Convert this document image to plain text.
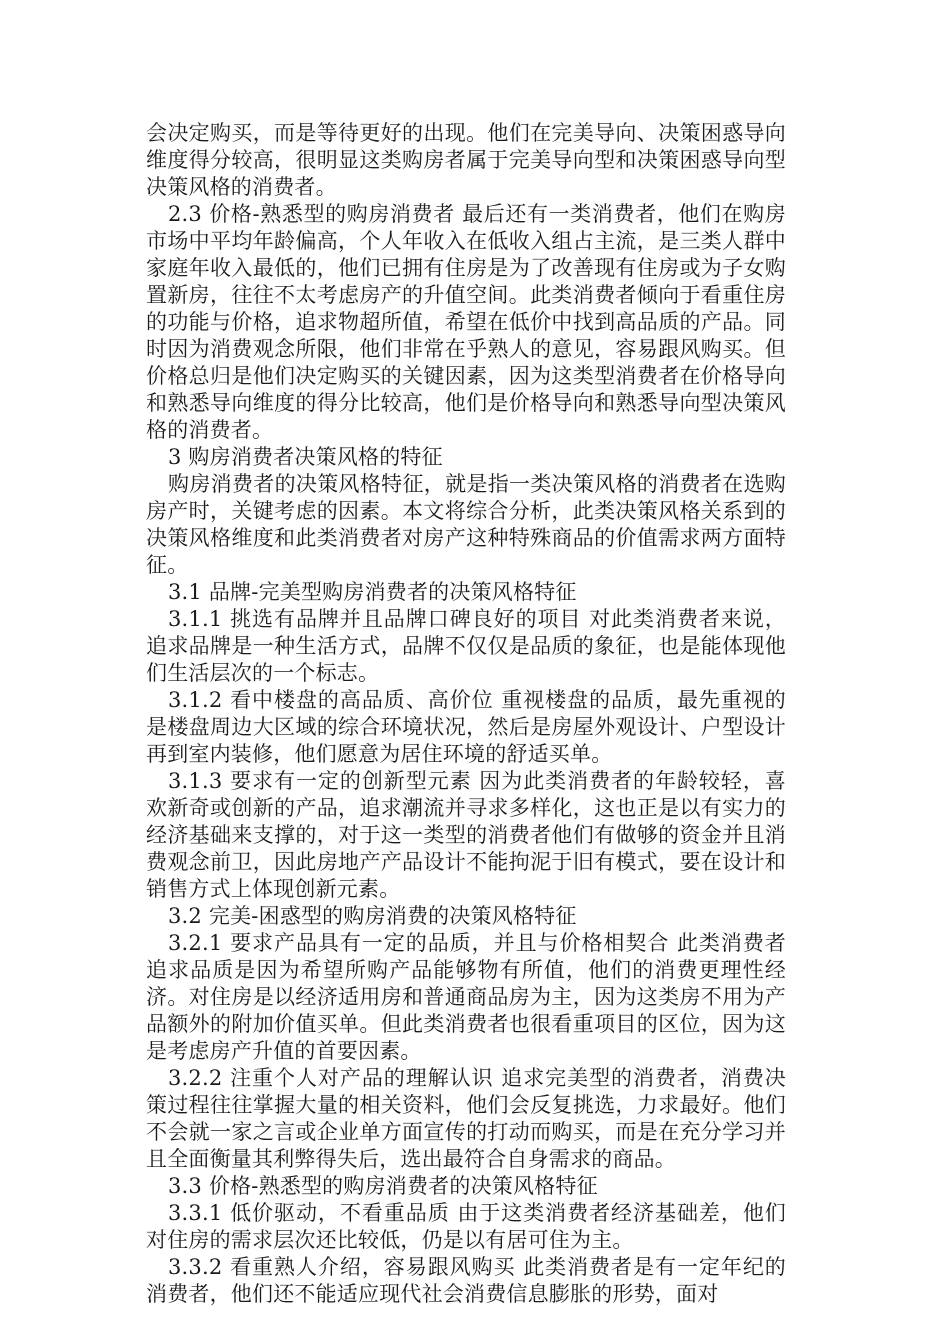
会决定购买，而是等待更好的出现。他们在完美导向、决策困惑导向维度得分较高，很明显这类购房者属于完美导向型和决策困惑导向型决策风格的消费者。

2.3 价格-熟悉型的购房消费者 最后还有一类消费者，他们在购房市场中平均年龄偏高，个人年收入在低收入组占主流，是三类人群中家庭年收入最低的，他们已拥有住房是为了改善现有住房或为子女购置新房，往往不太考虑房产的升值空间。此类消费者倾向于看重住房的功能与价格，追求物超所值，希望在低价中找到高品质的产品。同时因为消费观念所限，他们非常在乎熟人的意见，容易跟风购买。但价格总归是他们决定购买的关键因素，因为这类型消费者在价格导向和熟悉导向维度的得分比较高，他们是价格导向和熟悉导向型决策风格的消费者。

3 购房消费者决策风格的特征

购房消费者的决策风格特征，就是指一类决策风格的消费者在选购房产时，关键考虑的因素。本文将综合分析，此类决策风格关系到的决策风格维度和此类消费者对房产这种特殊商品的价值需求两方面特征。

3.1 品牌-完美型购房消费者的决策风格特征

3.1.1 挑选有品牌并且品牌口碑良好的项目 对此类消费者来说，追求品牌是一种生活方式，品牌不仅仅是品质的象征，也是能体现他们生活层次的一个标志。

3.1.2 看中楼盘的高品质、高价位 重视楼盘的品质，最先重视的是楼盘周边大区域的综合环境状况，然后是房屋外观设计、户型设计再到室内装修，他们愿意为居住环境的舒适买单。

3.1.3 要求有一定的创新型元素 因为此类消费者的年龄较轻，喜欢新奇或创新的产品，追求潮流并寻求多样化，这也正是以有实力的经济基础来支撑的，对于这一类型的消费者他们有做够的资金并且消费观念前卫，因此房地产产品设计不能拘泥于旧有模式，要在设计和销售方式上体现创新元素。

3.2 完美-困惑型的购房消费的决策风格特征

3.2.1 要求产品具有一定的品质，并且与价格相契合 此类消费者追求品质是因为希望所购产品能够物有所值，他们的消费更理性经济。对住房是以经济适用房和普通商品房为主，因为这类房不用为产品额外的附加价值买单。但此类消费者也很看重项目的区位，因为这是考虑房产升值的首要因素。

3.2.2 注重个人对产品的理解认识 追求完美型的消费者，消费决策过程往往掌握大量的相关资料，他们会反复挑选，力求最好。他们不会就一家之言或企业单方面宣传的打动而购买，而是在充分学习并且全面衡量其利弊得失后，选出最符合自身需求的商品。

3.3 价格-熟悉型的购房消费者的决策风格特征

3.3.1 低价驱动，不看重品质 由于这类消费者经济基础差，他们对住房的需求层次还比较低，仍是以有居可住为主。

3.3.2 看重熟人介绍，容易跟风购买 此类消费者是有一定年纪的消费者，他们还不能适应现代社会消费信息膨胀的形势，面对
